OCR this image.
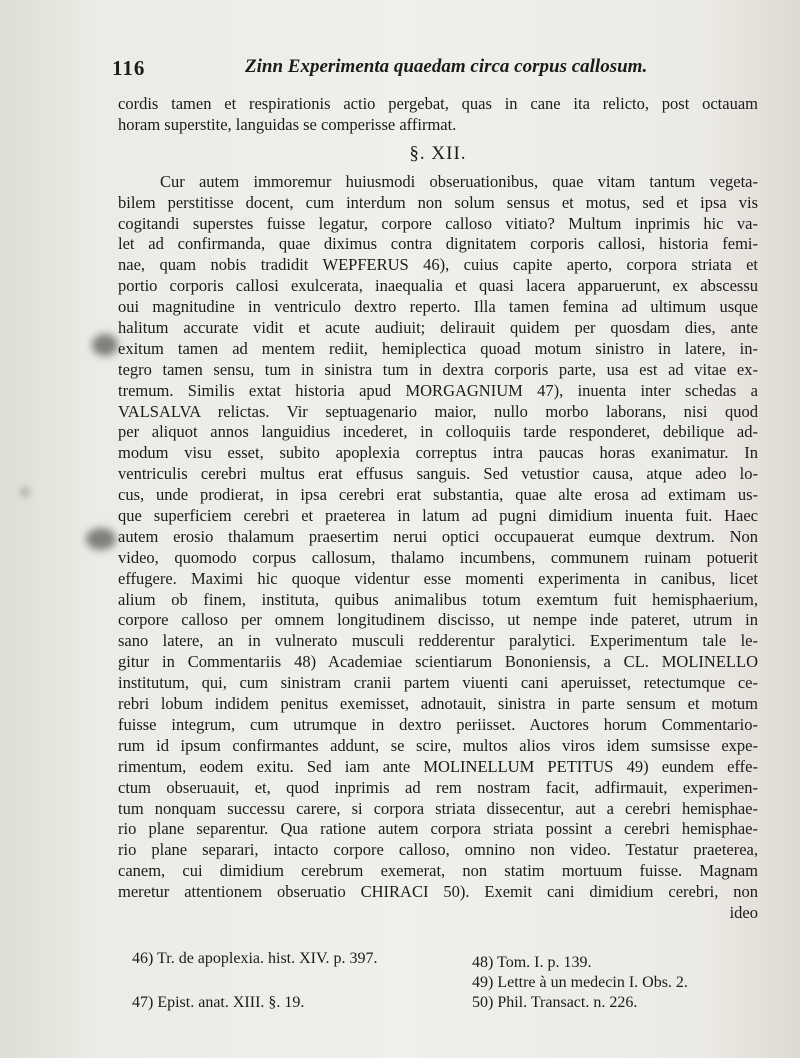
116	Zinn Experimenta quaedam circa corpus callosum.
cordis tamen et respirationis actio pergebat, quas in cane ita relicto, post octauam
horam superstite, languidas se comperisse affirmat.
§. XII.
Cur autem immoremur huiusmodi obseruationibus, quae vitam tantum vegeta-
bilem perstitisse docent, cum interdum non solum sensus et motus, sed et ipsa vis
cogitandi superstes fuisse legatur, corpore calloso vitiato? Multum inprimis hic va-
let ad confirmanda, quae diximus contra dignitatem corporis callosi, historia femi-
nae, quam nobis tradidit WEPFERUS 46), cuius capite aperto, corpora striata et
portio corporis callosi exulcerata, inaequalia et quasi lacera apparuerunt, ex abscessu
oui magnitudine in ventriculo dextro reperto. Illa tamen femina ad ultimum usque
halitum accurate vidit et acute audiuit; delirauit quidem per quosdam dies, ante
exitum tamen ad mentem rediit, hemiplectica quoad motum sinistro in latere, in-
tegro tamen sensu, tum in sinistra tum in dextra corporis parte, usa est ad vitae ex-
tremum. Similis extat historia apud MORGAGNIUM 47), inuenta inter schedas a
VALSALVA relictas. Vir septuagenario maior, nullo morbo laborans, nisi quod
per aliquot annos languidius incederet, in colloquiis tarde responderet, debilique ad-
modum visu esset, subito apoplexia correptus intra paucas horas exanimatur. In
ventriculis cerebri multus erat effusus sanguis. Sed vetustior causa, atque adeo lo-
cus, unde prodierat, in ipsa cerebri erat substantia, quae alte erosa ad extimam us-
que superficiem cerebri et praeterea in latum ad pugni dimidium inuenta fuit. Haec
autem erosio thalamum praesertim nerui optici occupauerat eumque dextrum. Non
video, quomodo corpus callosum, thalamo incumbens, communem ruinam potuerit
effugere. Maximi hic quoque videntur esse momenti experimenta in canibus, licet
alium ob finem, instituta, quibus animalibus totum exemtum fuit hemisphaerium,
corpore calloso per omnem longitudinem discisso, ut nempe inde pateret, utrum in
sano latere, an in vulnerato musculi redderentur paralytici. Experimentum tale le-
gitur in Commentariis 48) Academiae scientiarum Bononiensis, a CL. MOLINELLO
institutum, qui, cum sinistram cranii partem viuenti cani aperuisset, retectumque ce-
rebri lobum indidem penitus exemisset, adnotauit, sinistra in parte sensum et motum
fuisse integrum, cum utrumque in dextro periisset. Auctores horum Commentario-
rum id ipsum confirmantes addunt, se scire, multos alios viros idem sumsisse expe-
rimentum, eodem exitu. Sed iam ante MOLINELLUM PETITUS 49) eundem effe-
ctum obseruauit, et, quod inprimis ad rem nostram facit, adfirmauit, experimen-
tum nonquam successu carere, si corpora striata dissecentur, aut a cerebri hemisphae-
rio plane separentur. Qua ratione autem corpora striata possint a cerebri hemisphae-
rio plane separari, intacto corpore calloso, omnino non video. Testatur praeterea,
canem, cui dimidium cerebrum exemerat, non statim mortuum fuisse. Magnam
meretur attentionem obseruatio CHIRACI 50). Exemit cani dimidium cerebri, non
ideo
46) Tr. de apoplexia. hist. XIV. p. 397.
47) Epist. anat. XIII. §. 19.
48) Tom. I. p. 139.
49) Lettre à un medecin I. Obs. 2.
50) Phil. Transact. n. 226.
